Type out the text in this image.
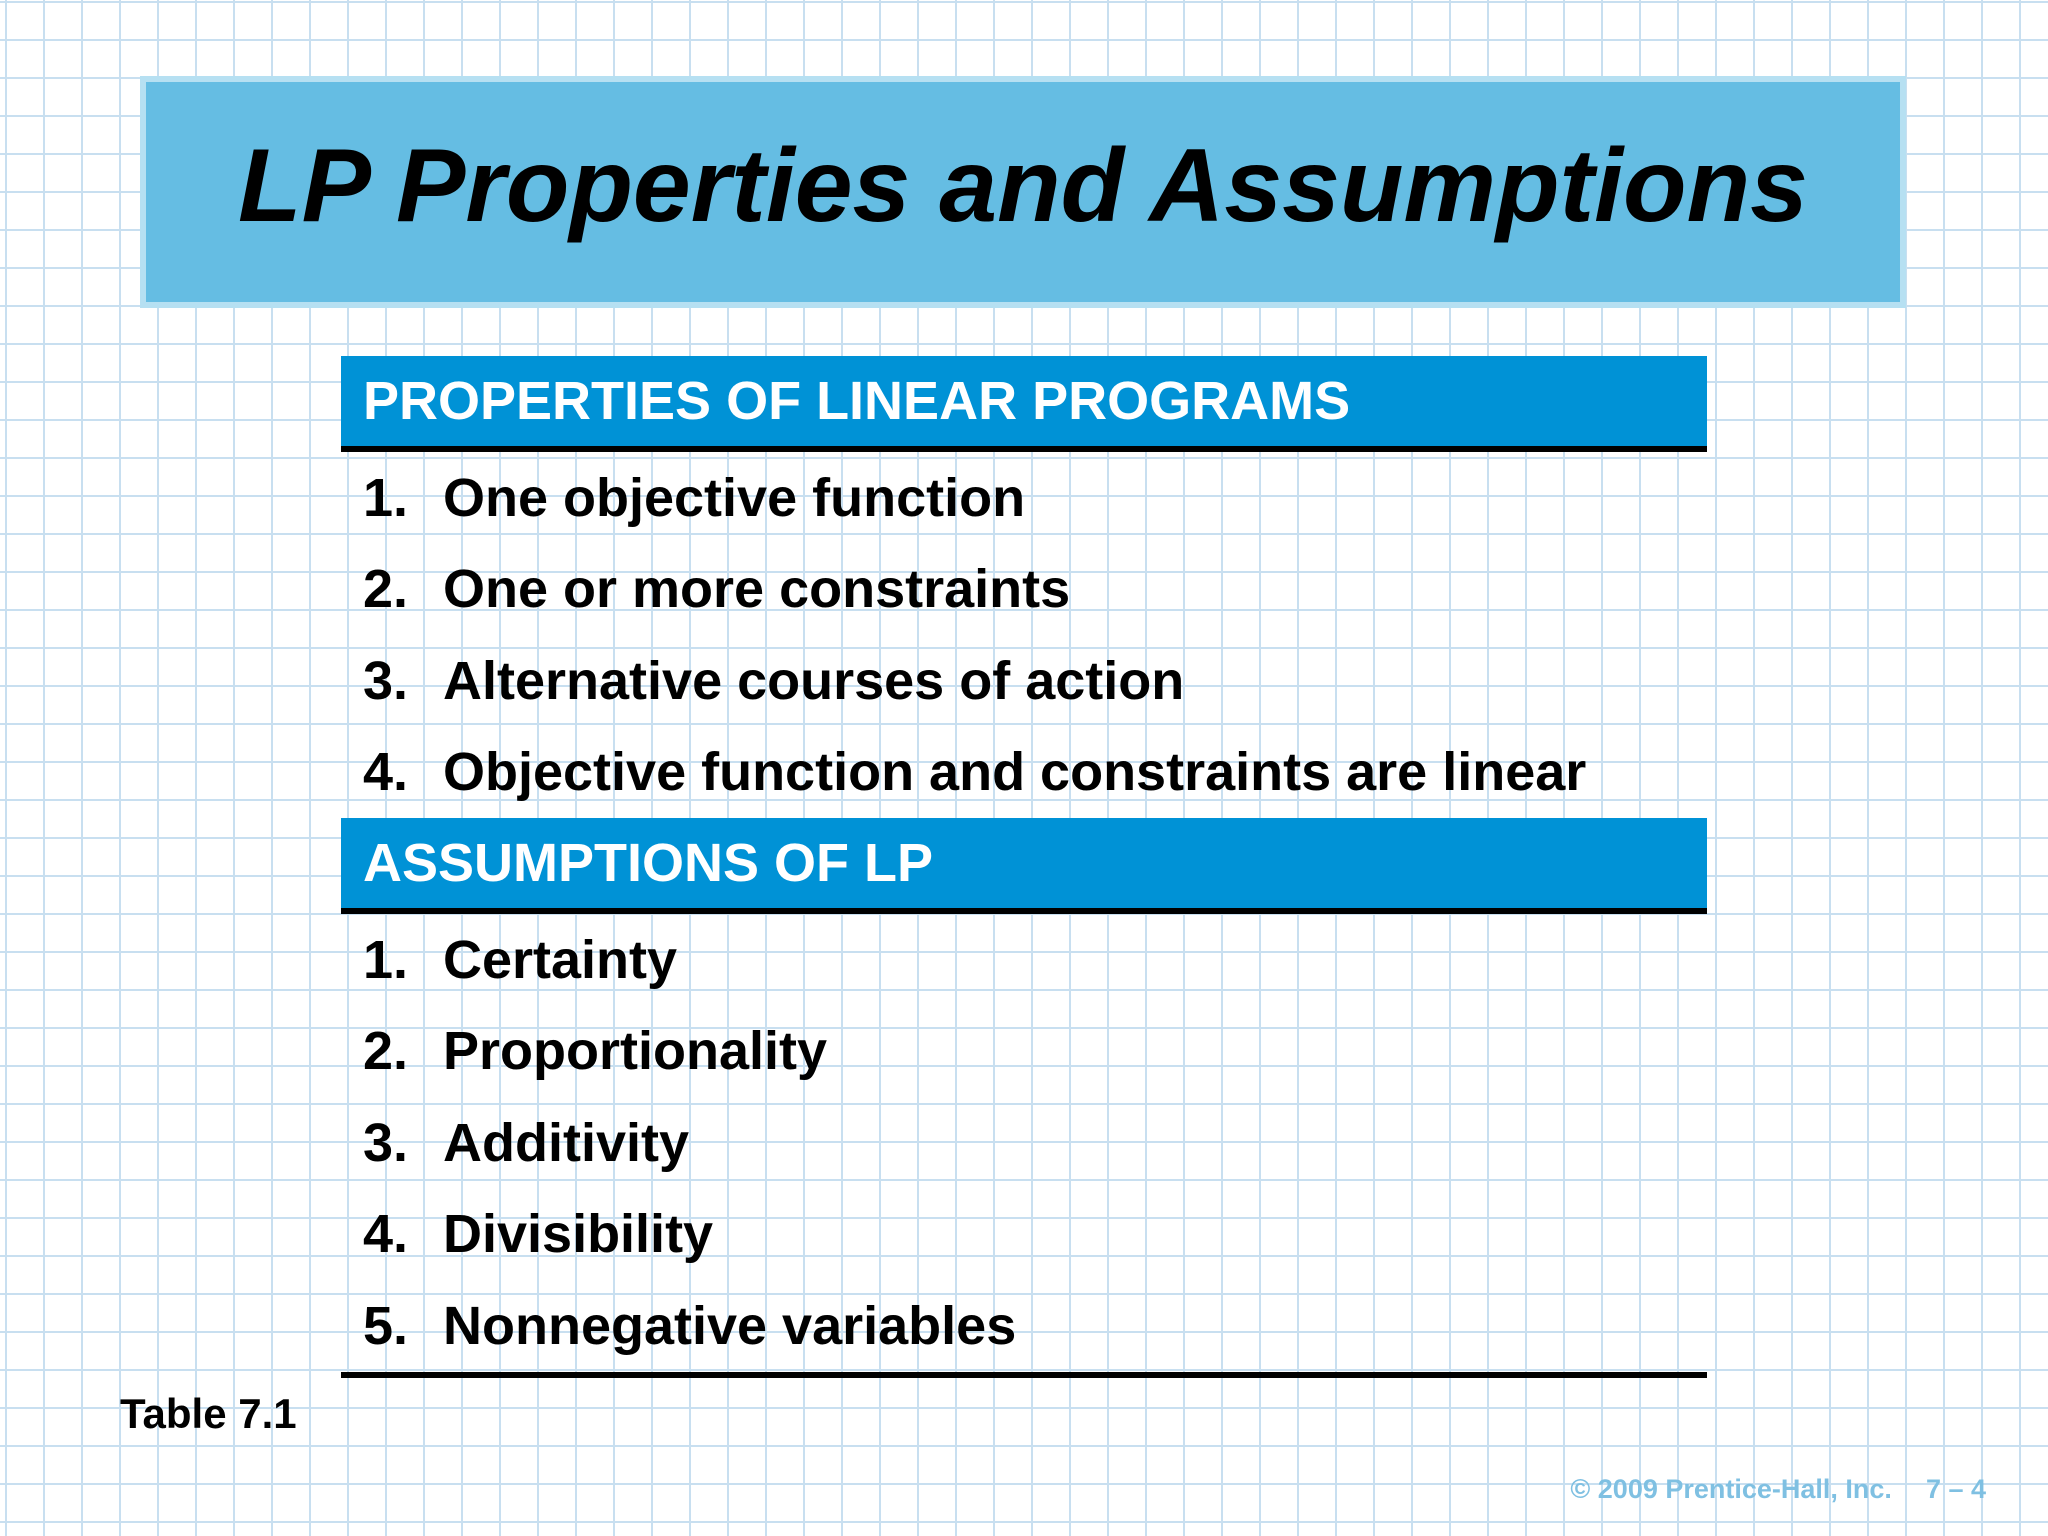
LP Properties and Assumptions
PROPERTIES OF LINEAR PROGRAMS
1. One objective function
2. One or more constraints
3. Alternative courses of action
4. Objective function and constraints are linear
ASSUMPTIONS OF LP
1. Certainty
2. Proportionality
3. Additivity
4. Divisibility
5. Nonnegative variables
Table 7.1
© 2009 Prentice-Hall, Inc. 7 – 4
